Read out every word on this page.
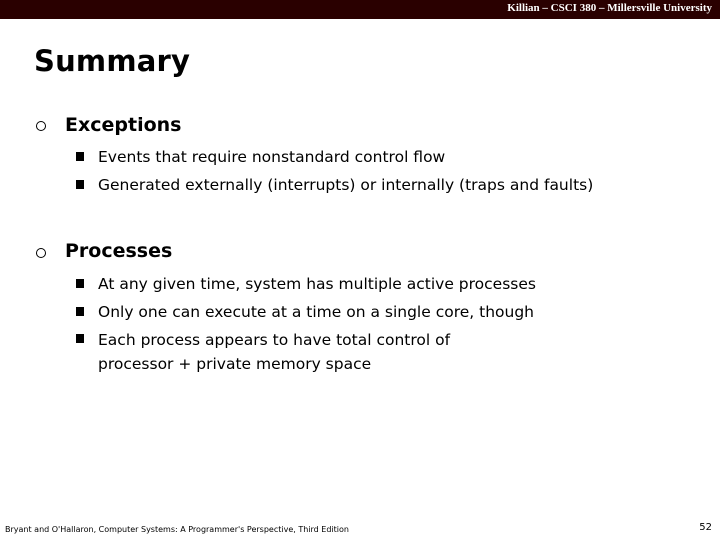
Killian – CSCI 380 – Millersville University
Summary
Exceptions
Events that require nonstandard control flow
Generated externally (interrupts) or internally (traps and faults)
Processes
At any given time, system has multiple active processes
Only one can execute at a time on a single core, though
Each process appears to have total control of
processor + private memory space
Bryant and O'Hallaron, Computer Systems: A Programmer's Perspective, Third Edition	52
